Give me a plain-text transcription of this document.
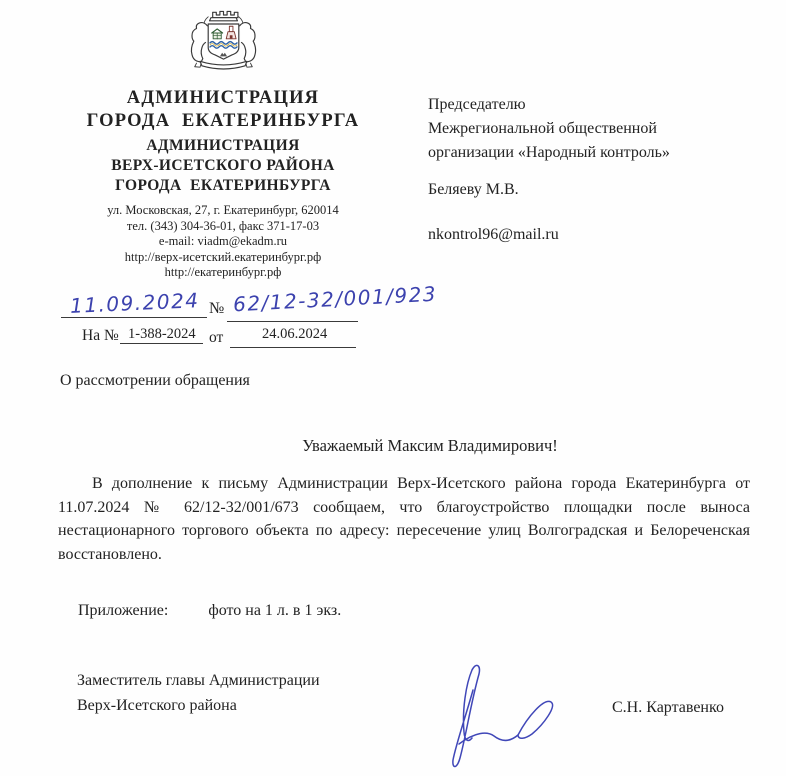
АДМИНИСТРАЦИЯ
ГОРОДА  ЕКАТЕРИНБУРГА
АДМИНИСТРАЦИЯ
ВЕРХ-ИСЕТСКОГО РАЙОНА
ГОРОДА  ЕКАТЕРИНБУРГА
ул. Московская, 27, г. Екатеринбург, 620014
тел. (343) 304-36-01, факс 371-17-03
e-mail: viadm@ekadm.ru
http://верх-исетский.екатеринбург.рф
http://екатеринбург.рф
Председателю
Межрегиональной общественной
организации «Народный контроль»
Беляеву М.В.
nkontrol96@mail.ru
11.09.2024 № 62/12-32/001/923
На № 1-388-2024 от	24.06.2024
О рассмотрении обращения
Уважаемый Максим Владимирович!

В дополнение к письму Администрации Верх-Исетского района города Екатеринбурга от 11.07.2024 № 62/12-32/001/673 сообщаем, что благоустройство площадки после выноса нестационарного торгового объекта по адресу: пересечение улиц Волгоградская и Белореченская восстановлено.

Приложение:	фото на 1 л. в 1 экз.
Заместитель главы Администрации
Верх-Исетского района	С.Н. Картавенко
